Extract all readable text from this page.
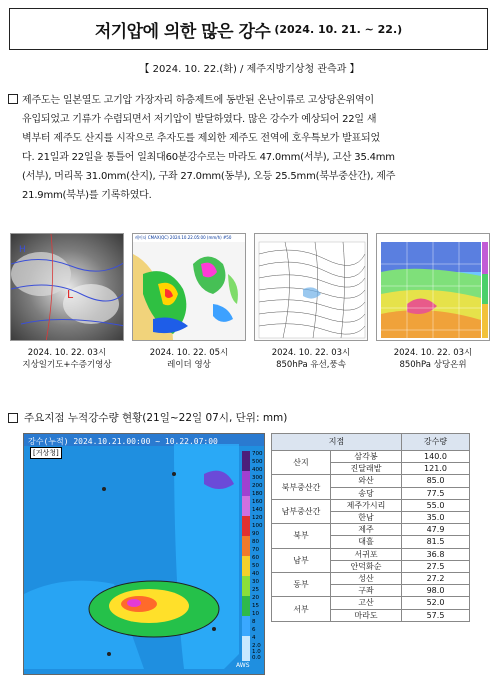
저기압에 의한 많은 강수 (2024. 10. 21. ~ 22.)
【 2024. 10. 22.(화) / 제주지방기상청 관측과 】
제주도는 일본열도 고기압 가장자리 하층제트에 동반된 온난이류로 고상당온위역이
유입되었고 기류가 수렴되면서 저기압이 발달하였다. 많은 강수가 예상되어 22일 새
벽부터 제주도 산지를 시작으로 추자도를 제외한 제주도 전역에 호우특보가 발표되었
다. 21일과 22일을 통틀어 일최대60분강수로는 마라도 47.0mm(서부), 고산 35.4mm
(서부), 머리목 31.0mm(산지), 구좌 27.0mm(동부), 오등 25.5mm(북부중산간), 제주
21.9mm(북부)를 기록하였다.
L
H
2024. 10. 22. 03시
지상일기도+수증기영상
레이더 CMAX(QC) 2024.10.22.05:00 (mm/h) #50
2024. 10. 22. 05시
레이더 영상
2024. 10. 22. 03시
850hPa 유선,풍속
2024. 10. 22. 03시
850hPa 상당온위
주요지점 누적강수량 현황(21일~22일 07시, 단위: mm)
강수(누적) 2024.10.21.00:00 ~ 10.22.07:00
[거상청]
AWS
700
500
400
300
200
180
160
140
120
100
90
80
70
60
50
40
30
25
20
15
10
8
6
4
2.0
1.0
0.0
지점		강수량
산지	삼각봉	140.0
	진달래밭	121.0
북부중산간	와산	85.0
	송당	77.5
남부중산간	제주가시리	55.0
	한남	35.0
북부	제주	47.9
	대흘	81.5
남부	서귀포	36.8
	안덕화순	27.5
동부	성산	27.2
	구좌	98.0
서부	고산	52.0
	마라도	57.5
